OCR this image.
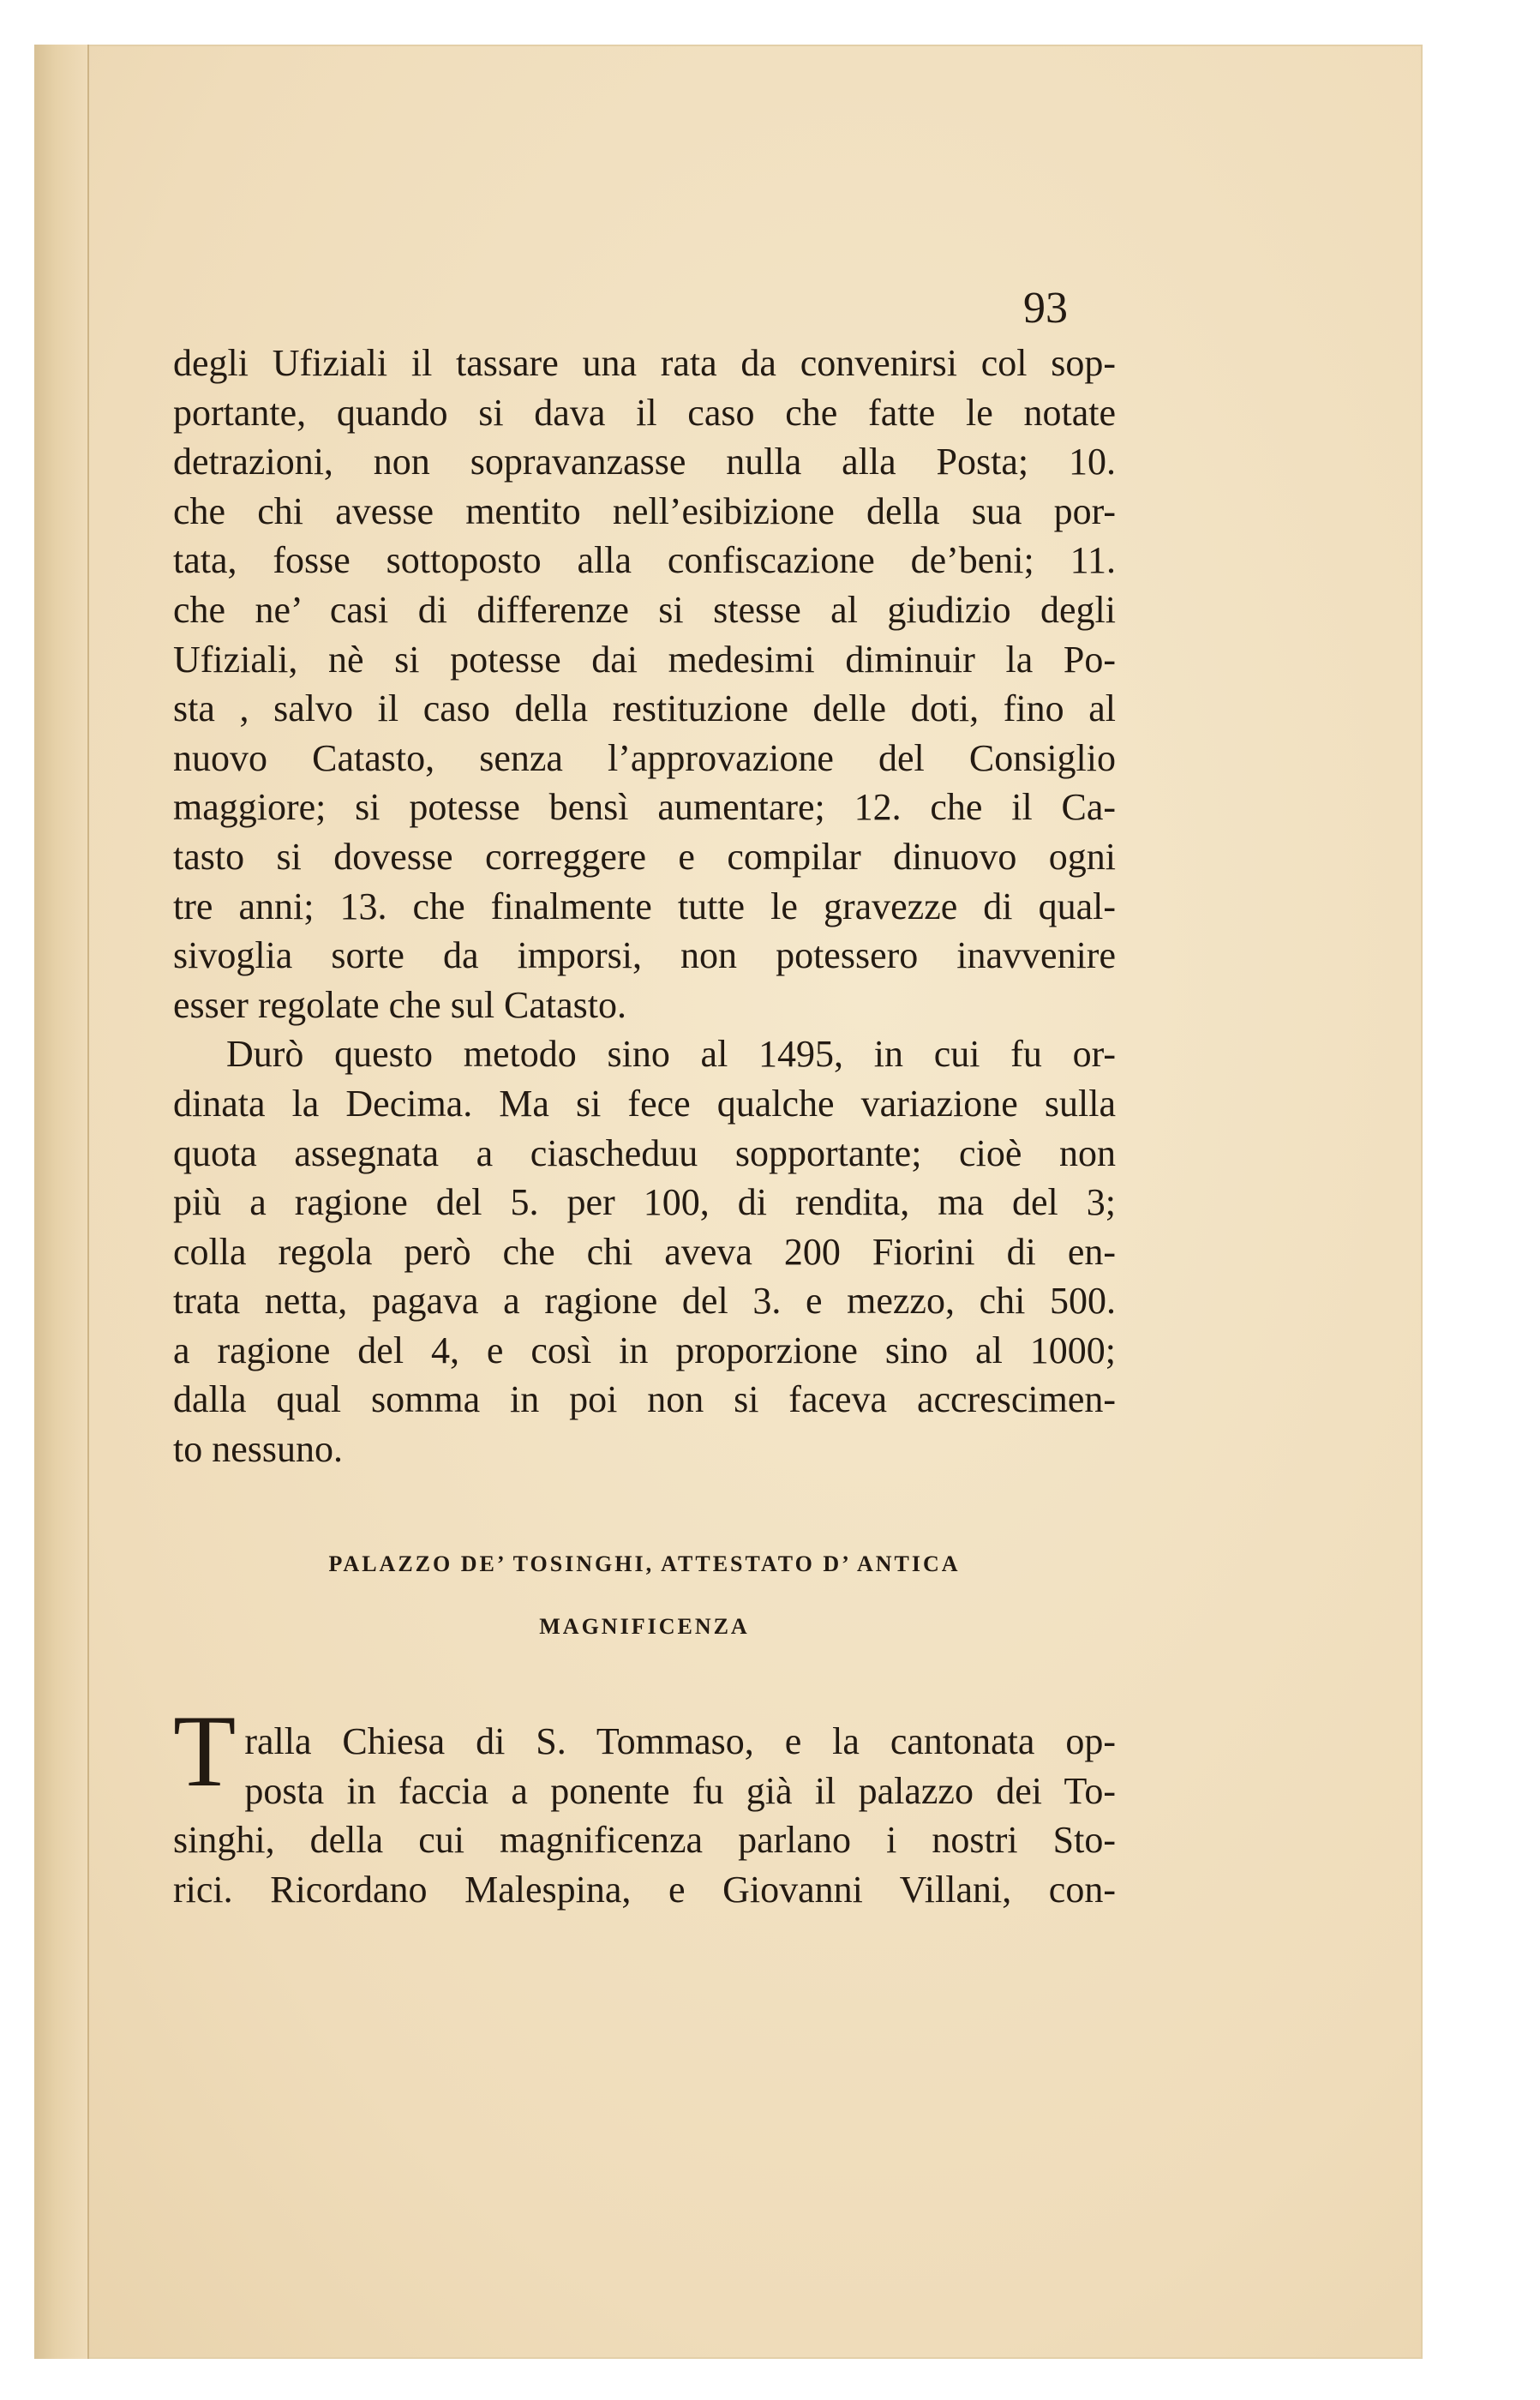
93
degli Ufiziali il tassare una rata da convenirsi col sop-
portante, quando si dava il caso che fatte le notate
detrazioni, non sopravanzasse nulla alla Posta; 10.
che chi avesse mentito nell’esibizione della sua por-
tata, fosse sottoposto alla confiscazione de’beni; 11.
che ne’ casi di differenze si stesse al giudizio degli
Ufiziali, nè si potesse dai medesimi diminuir la Po-
sta , salvo il caso della restituzione delle doti, fino al
nuovo Catasto, senza l’approvazione del Consiglio
maggiore; si potesse bensì aumentare; 12. che il Ca-
tasto si dovesse correggere e compilar dinuovo ogni
tre anni; 13. che finalmente tutte le gravezze di qual-
sivoglia sorte da imporsi, non potessero inavvenire
esser regolate che sul Catasto.
Durò questo metodo sino al 1495, in cui fu or-
dinata la Decima. Ma si fece qualche variazione sulla
quota assegnata a ciascheduu sopportante; cioè non
più a ragione del 5. per 100, di rendita, ma del 3;
colla regola però che chi aveva 200 Fiorini di en-
trata netta, pagava a ragione del 3. e mezzo, chi 500.
a ragione del 4, e così in proporzione sino al 1000;
dalla qual somma in poi non si faceva accrescimen-
to nessuno.
PALAZZO DE’ TOSINGHI, ATTESTATO D’ ANTICA
MAGNIFICENZA
T ralla Chiesa di S. Tommaso, e la cantonata op-
posta in faccia a ponente fu già il palazzo dei To-
singhi, della cui magnificenza parlano i nostri Sto-
rici. Ricordano Malespina, e Giovanni Villani, con-
